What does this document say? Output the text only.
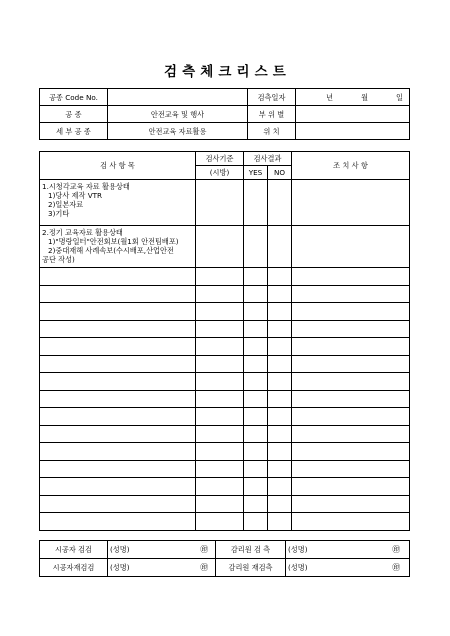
검 측 체 크 리 스 트
공종 Code No.		검측일자	년 월 일

공 종	안전교육 및 행사	부 위 별	
세 부 공 종	안전교육 자료활용	위 치	
검 사 항 목	검사기준	검사결과		조 치 사 항
	(시방)	YES	NO	

1.시청각교육 자료 활용상태
1)당사 제작 VTR
2)일본자료
3)기타				

2.정기 교육자료 활용상태
1)"명랑일터"안전회보(월1회 안전팀배포)
2)중대재해 사례속보(수시배포,산업안전
공단 작성)				

시공자 검검	(성명)	㊞	감리원 검 측	(성명)	㊞
시공자재검검	(성명)	㊞	감리원 재검측	(성명)	㊞
